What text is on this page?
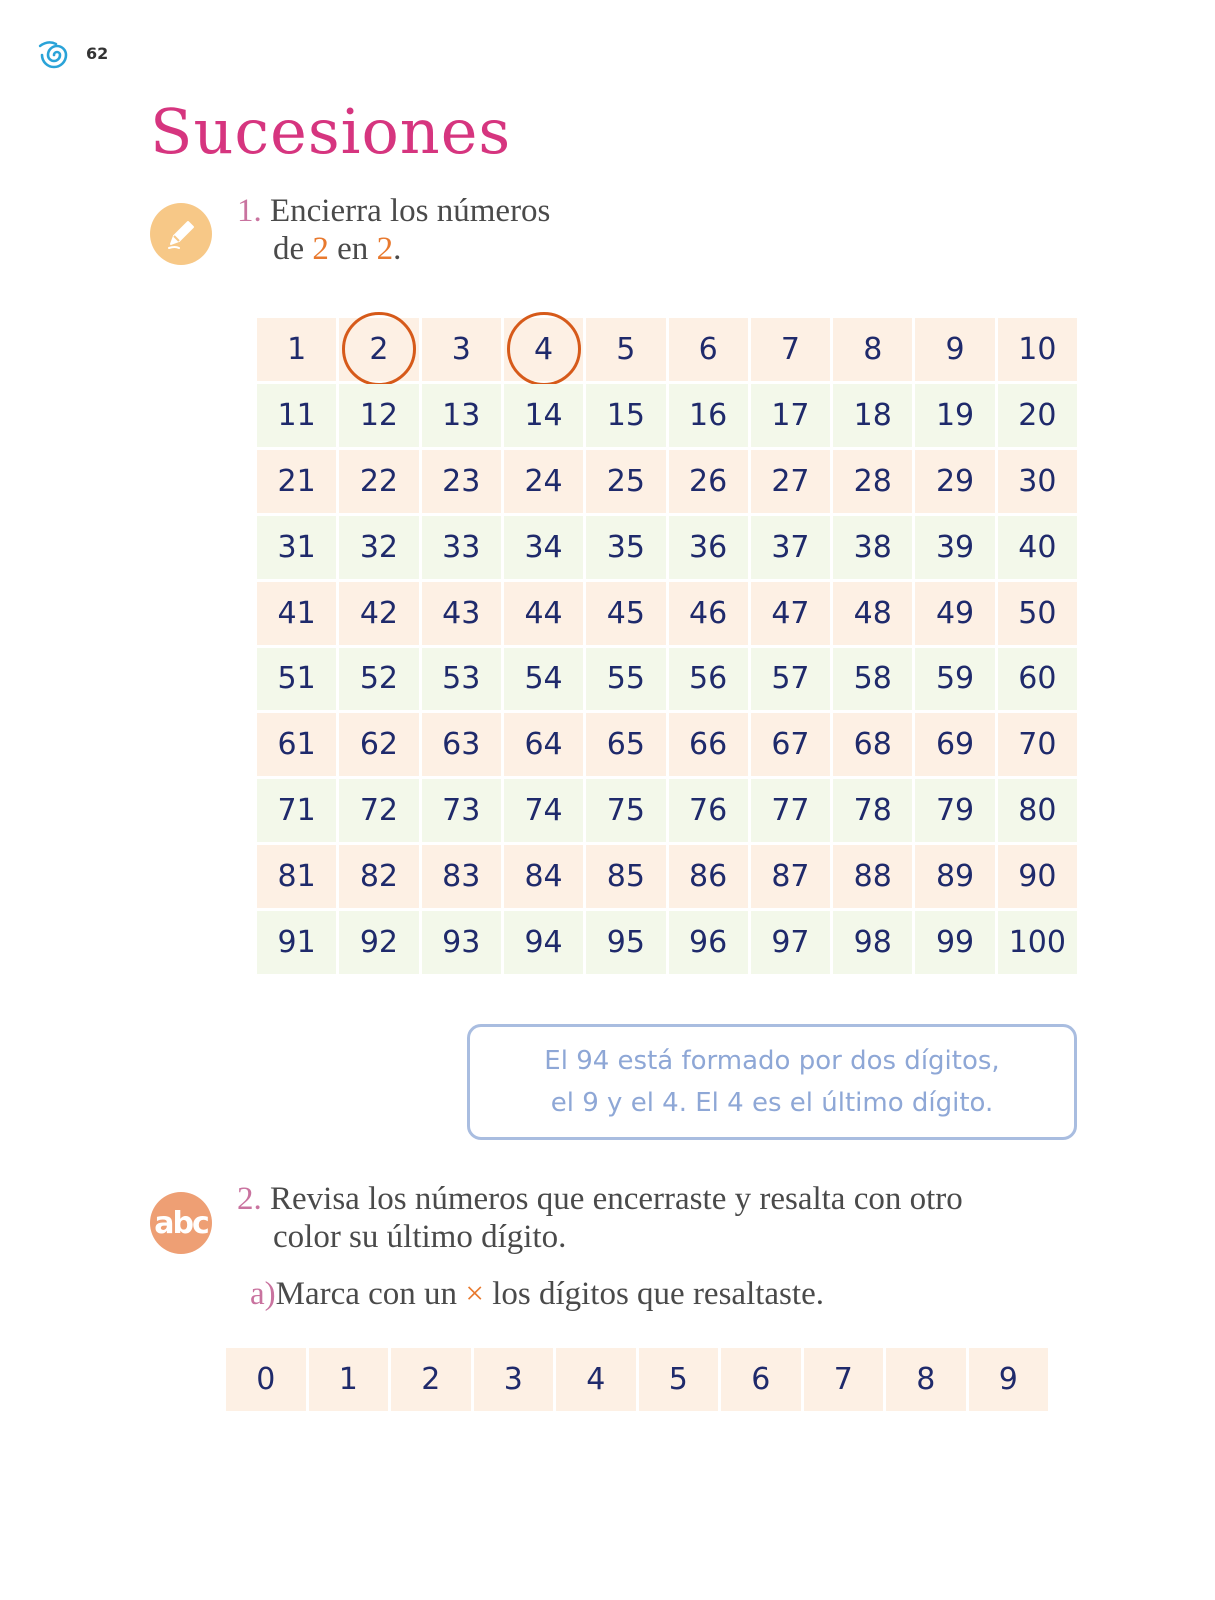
62
Sucesiones
1. Encierra los números
de 2 en 2.
1	2	3	4	5	6	7	8	9	10
11	12	13	14	15	16	17	18	19	20
21	22	23	24	25	26	27	28	29	30
31	32	33	34	35	36	37	38	39	40
41	42	43	44	45	46	47	48	49	50
51	52	53	54	55	56	57	58	59	60
61	62	63	64	65	66	67	68	69	70
71	72	73	74	75	76	77	78	79	80
81	82	83	84	85	86	87	88	89	90
91	92	93	94	95	96	97	98	99	100
El 94 está formado por dos dígitos,
el 9 y el 4. El 4 es el último dígito.
abc
2. Revisa los números que encerraste y resalta con otro
color su último dígito.
a)Marca con un × los dígitos que resaltaste.
0	1	2	3	4	5	6	7	8	9
